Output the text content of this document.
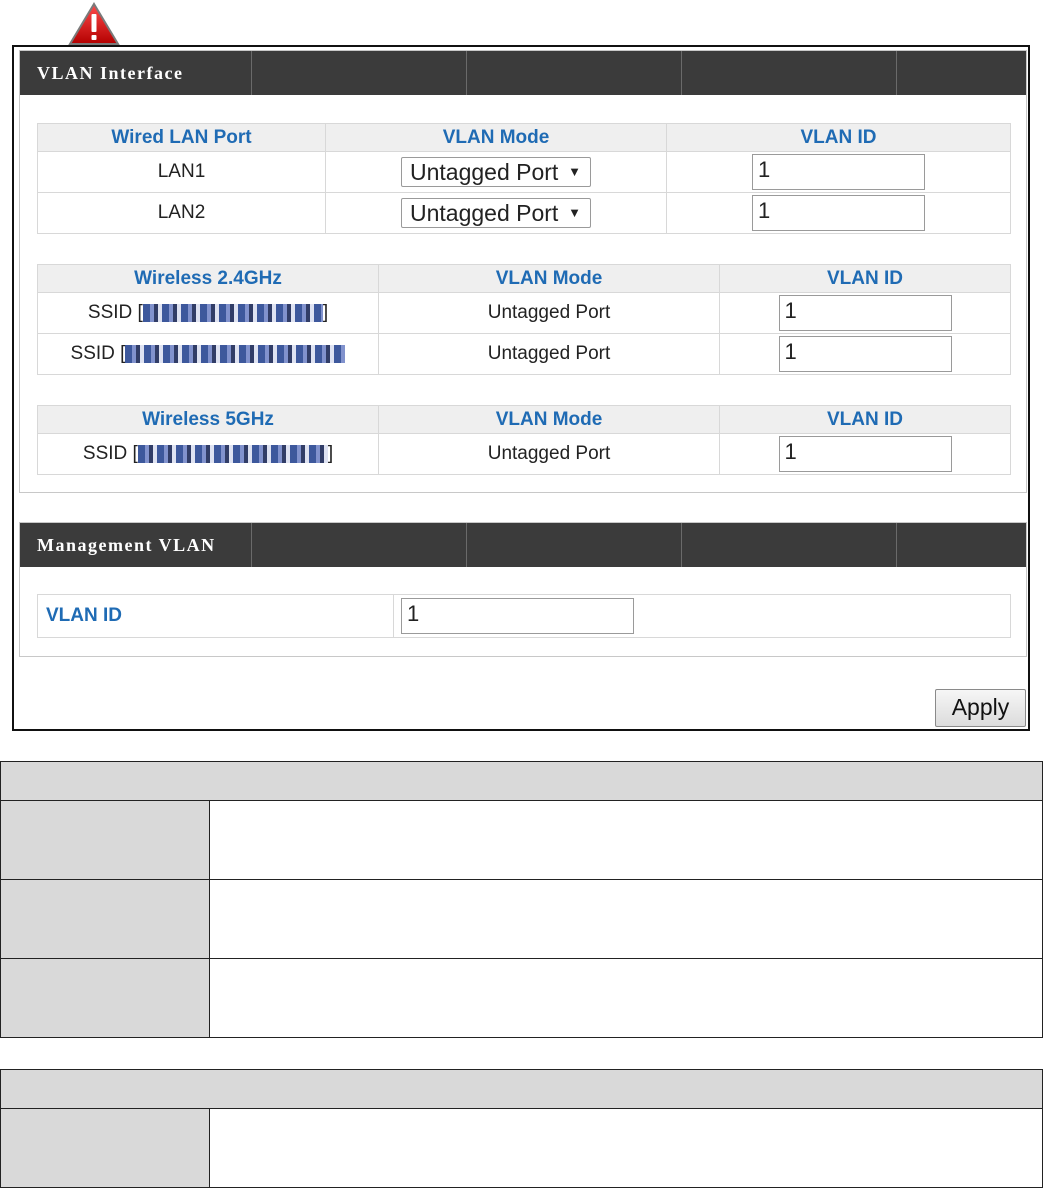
VLAN Interface
Wired LAN Port	VLAN Mode	VLAN ID
LAN1	Untagged Port ▼	1
LAN2	Untagged Port ▼	1
Wireless 2.4GHz	VLAN Mode	VLAN ID
SSID [ ]	Untagged Port	1
SSID [	Untagged Port	1
Wireless 5GHz	VLAN Mode	VLAN ID
SSID [ ]	Untagged Port	1
Management VLAN
VLAN ID	1
Apply
